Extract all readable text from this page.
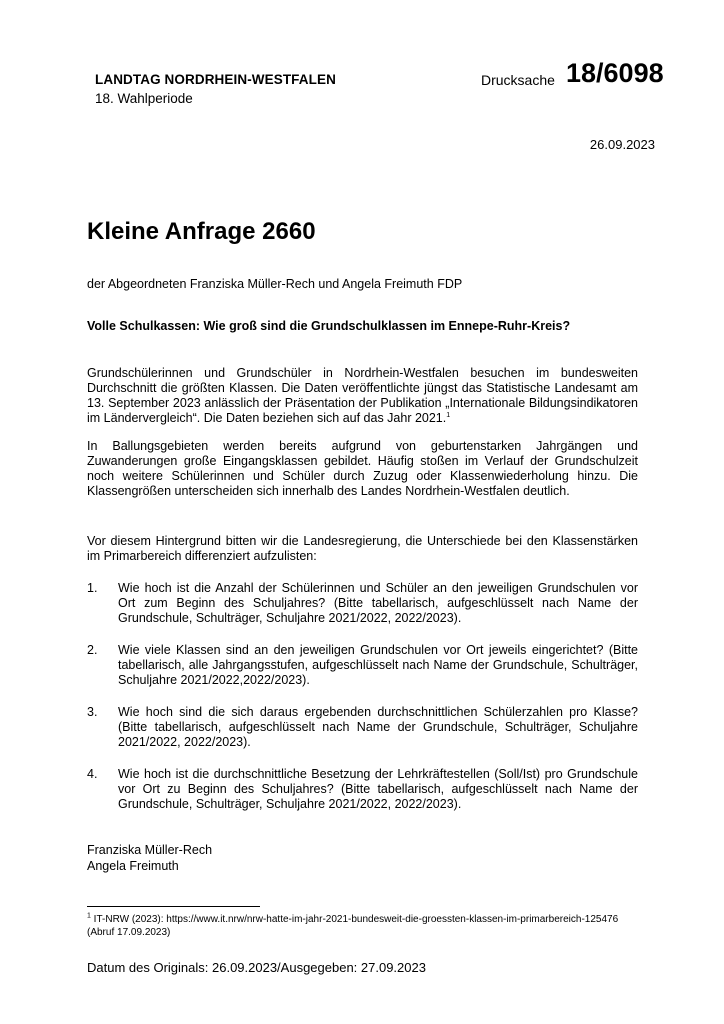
LANDTAG NORDRHEIN-WESTFALEN
18. Wahlperiode
Drucksache 18/6098
26.09.2023
Kleine Anfrage 2660
der Abgeordneten Franziska Müller-Rech und Angela Freimuth FDP
Volle Schulkassen: Wie groß sind die Grundschulklassen im Ennepe-Ruhr-Kreis?

Grundschülerinnen und Grundschüler in Nordrhein-Westfalen besuchen im bundesweiten Durchschnitt die größten Klassen. Die Daten veröffentlichte jüngst das Statistische Landesamt am 13. September 2023 anlässlich der Präsentation der Publikation „Internationale Bildungsindikatoren im Ländervergleich“. Die Daten beziehen sich auf das Jahr 2021.$^1$

In Ballungsgebieten werden bereits aufgrund von geburtenstarken Jahrgängen und Zuwanderungen große Eingangsklassen gebildet. Häufig stoßen im Verlauf der Grundschulzeit noch weitere Schülerinnen und Schüler durch Zuzug oder Klassenwiederholung hinzu. Die Klassengrößen unterscheiden sich innerhalb des Landes Nordrhein-Westfalen deutlich.

Vor diesem Hintergrund bitten wir die Landesregierung, die Unterschiede bei den Klassenstärken im Primarbereich differenziert aufzulisten:

1. Wie hoch ist die Anzahl der Schülerinnen und Schüler an den jeweiligen Grundschulen vor Ort zum Beginn des Schuljahres? (Bitte tabellarisch, aufgeschlüsselt nach Name der Grundschule, Schulträger, Schuljahre 2021/2022, 2022/2023).
2. Wie viele Klassen sind an den jeweiligen Grundschulen vor Ort jeweils eingerichtet? (Bitte tabellarisch, alle Jahrgangsstufen, aufgeschlüsselt nach Name der Grundschule, Schulträger, Schuljahre 2021/2022,2022/2023).
3. Wie hoch sind die sich daraus ergebenden durchschnittlichen Schülerzahlen pro Klasse? (Bitte tabellarisch, aufgeschlüsselt nach Name der Grundschule, Schulträger, Schuljahre 2021/2022, 2022/2023).
4. Wie hoch ist die durchschnittliche Besetzung der Lehrkräftestellen (Soll/Ist) pro Grundschule vor Ort zu Beginn des Schuljahres? (Bitte tabellarisch, aufgeschlüsselt nach Name der Grundschule, Schulträger, Schuljahre 2021/2022, 2022/2023).
Franziska Müller-Rech
Angela Freimuth
$^1$ IT-NRW (2023): https://www.it.nrw/nrw-hatte-im-jahr-2021-bundesweit-die-groessten-klassen-im-primarbereich-125476 (Abruf 17.09.2023)
Datum des Originals: 26.09.2023/Ausgegeben: 27.09.2023
